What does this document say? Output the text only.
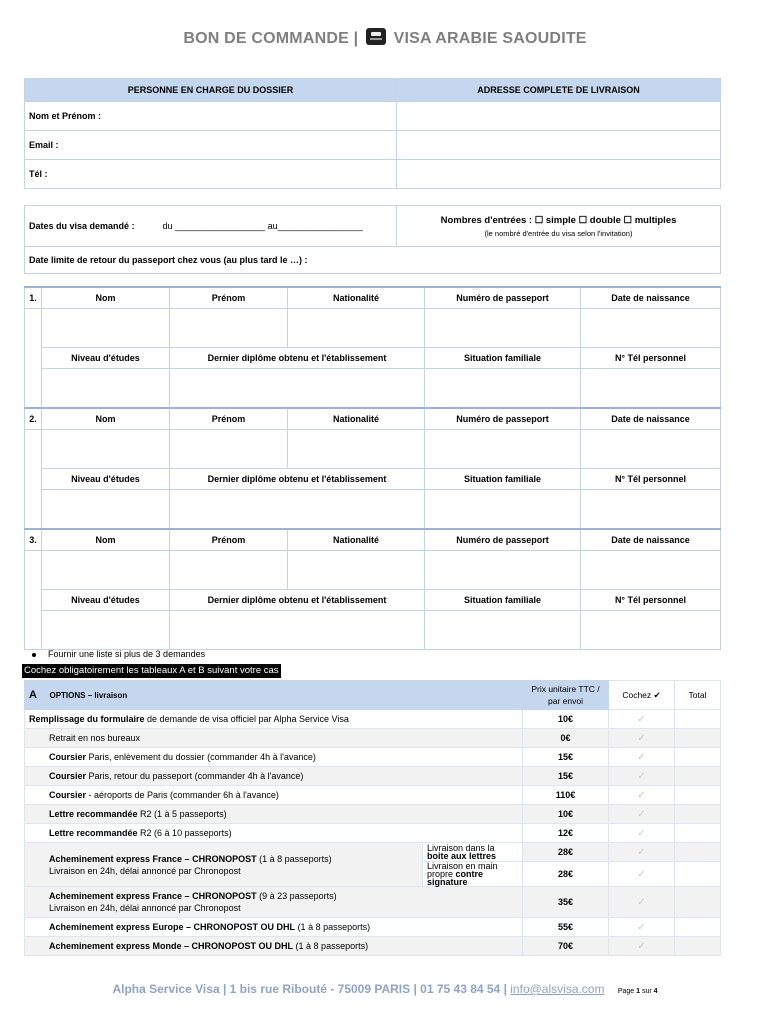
BON DE COMMANDE | VISA ARABIE SAOUDITE
PERSONNE EN CHARGE DU DOSSIER	ADRESSE COMPLETE DE LIVRAISON
Nom et Prénom :	
Email :	
Tél :	
Dates du visa demandé :	du __________________ au_________________	
Nombres d'entrées : ☐ simple ☐ double ☐ multiples
(le nombré d'entrée du visa selon l'invitation)

Date limite de retour du passeport chez vous (au plus tard le …) :
1.	Nom	Prénom	Nationalité	Numéro de passeport	Date de naissance

	Niveau d'études	Dernier diplôme obtenu et l'établissement		Situation familiale	N° Tél personnel

2.	Nom	Prénom	Nationalité	Numéro de passeport	Date de naissance

	Niveau d'études	Dernier diplôme obtenu et l'établissement		Situation familiale	N° Tél personnel

3.	Nom	Prénom	Nationalité	Numéro de passeport	Date de naissance

	Niveau d'études	Dernier diplôme obtenu et l'établissement		Situation familiale	N° Tél personnel

Fournir une liste si plus de 3 demandes
Cochez obligatoirement les tableaux A et B suivant votre cas
A OPTIONS – livraison		Prix unitaire TTC / par envoi	Cochez ✔	Total
Remplissage du formulaire de demande de visa officiel par Alpha Service Visa		10€	✓	
Retrait en nos bureaux		0€	✓	
Coursier Paris, enlèvement du dossier (commander 4h à l'avance)		15€	✓	
Coursier Paris, retour du passeport (commander 4h à l'avance)		15€	✓	
Coursier - aéroports de Paris (commander 6h à l'avance)		110€	✓	
Lettre recommandée R2 (1 à 5 passeports)		10€	✓	
Lettre recommandée R2 (6 à 10 passeports)		12€	✓	
Acheminement express France – CHRONOPOST (1 à 8 passeports)
Livraison en 24h, délai annoncé par Chronopost	Livraison dans la boite aux lettres	28€	✓	
	Livraison en main propre contre signature	28€	✓	
Acheminement express France – CHRONOPOST (9 à 23 passeports)
Livraison en 24h, délai annoncé par Chronopost		35€	✓	
Acheminement express Europe – CHRONOPOST OU DHL (1 à 8 passeports)		55€	✓	
Acheminement express Monde – CHRONOPOST OU DHL (1 à 8 passeports)		70€	✓	
Alpha Service Visa | 1 bis rue Ribouté - 75009 PARIS | 01 75 43 84 54 | info@alsvisa.com Page 1 sur 4
